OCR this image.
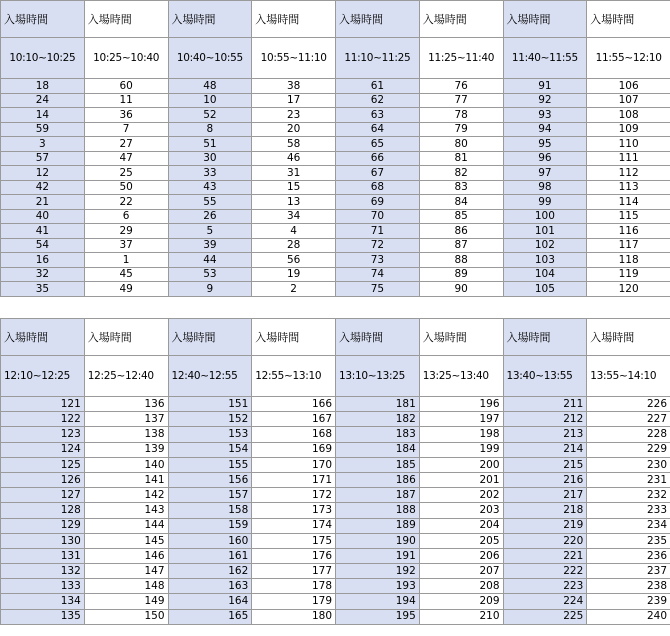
入場時間	入場時間	入場時間	入場時間	入場時間	入場時間	入場時間	入場時間
10:10~10:25	10:25~10:40	10:40~10:55	10:55~11:10	11:10~11:25	11:25~11:40	11:40~11:55	11:55~12:10
18	60	48	38	61	76	91	106
24	11	10	17	62	77	92	107
14	36	52	23	63	78	93	108
59	7	8	20	64	79	94	109
3	27	51	58	65	80	95	110
57	47	30	46	66	81	96	111
12	25	33	31	67	82	97	112
42	50	43	15	68	83	98	113
21	22	55	13	69	84	99	114
40	6	26	34	70	85	100	115
41	29	5	4	71	86	101	116
54	37	39	28	72	87	102	117
16	1	44	56	73	88	103	118
32	45	53	19	74	89	104	119
35	49	9	2	75	90	105	120
入場時間	入場時間	入場時間	入場時間	入場時間	入場時間	入場時間	入場時間
12:10~12:25	12:25~12:40	12:40~12:55	12:55~13:10	13:10~13:25	13:25~13:40	13:40~13:55	13:55~14:10
121	136	151	166	181	196	211	226
122	137	152	167	182	197	212	227
123	138	153	168	183	198	213	228
124	139	154	169	184	199	214	229
125	140	155	170	185	200	215	230
126	141	156	171	186	201	216	231
127	142	157	172	187	202	217	232
128	143	158	173	188	203	218	233
129	144	159	174	189	204	219	234
130	145	160	175	190	205	220	235
131	146	161	176	191	206	221	236
132	147	162	177	192	207	222	237
133	148	163	178	193	208	223	238
134	149	164	179	194	209	224	239
135	150	165	180	195	210	225	240
